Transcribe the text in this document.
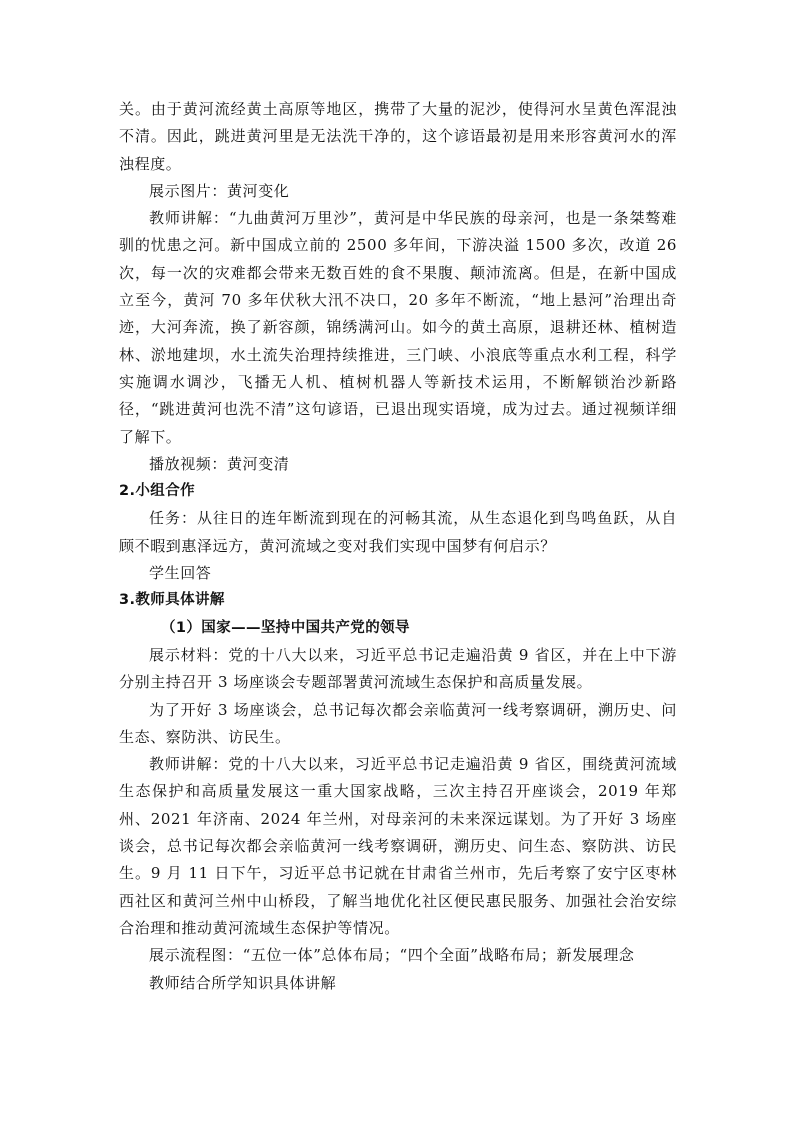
关。由于黄河流经黄土高原等地区，携带了大量的泥沙，使得河水呈黄色浑混浊不清。因此，跳进黄河里是无法洗干净的，这个谚语最初是用来形容黄河水的浑浊程度。

展示图片：黄河变化

教师讲解：“九曲黄河万里沙”，黄河是中华民族的母亲河，也是一条桀骜难驯的忧患之河。新中国成立前的 2500 多年间，下游决溢 1500 多次，改道 26 次，每一次的灾难都会带来无数百姓的食不果腹、颠沛流离。但是，在新中国成立至今，黄河 70 多年伏秋大汛不决口，20 多年不断流，“地上悬河”治理出奇迹，大河奔流，换了新容颜，锦绣满河山。如今的黄土高原，退耕还林、植树造林、淤地建坝，水土流失治理持续推进，三门峡、小浪底等重点水利工程，科学实施调水调沙，飞播无人机、植树机器人等新技术运用，不断解锁治沙新路径，“跳进黄河也洗不清”这句谚语，已退出现实语境，成为过去。通过视频详细了解下。

播放视频：黄河变清

2.小组合作

任务：从往日的连年断流到现在的河畅其流，从生态退化到鸟鸣鱼跃，从自顾不暇到惠泽远方，黄河流域之变对我们实现中国梦有何启示？

学生回答

3.教师具体讲解

（1）国家——坚持中国共产党的领导

展示材料：党的十八大以来，习近平总书记走遍沿黄 9 省区，并在上中下游分别主持召开 3 场座谈会专题部署黄河流域生态保护和高质量发展。

为了开好 3 场座谈会，总书记每次都会亲临黄河一线考察调研，溯历史、问生态、察防洪、访民生。

教师讲解：党的十八大以来，习近平总书记走遍沿黄 9 省区，围绕黄河流域生态保护和高质量发展这一重大国家战略，三次主持召开座谈会，2019 年郑州、2021 年济南、2024 年兰州，对母亲河的未来深远谋划。为了开好 3 场座谈会，总书记每次都会亲临黄河一线考察调研，溯历史、问生态、察防洪、访民生。9 月 11 日下午，习近平总书记就在甘肃省兰州市，先后考察了安宁区枣林西社区和黄河兰州中山桥段，了解当地优化社区便民惠民服务、加强社会治安综合治理和推动黄河流域生态保护等情况。

展示流程图：“五位一体”总体布局；“四个全面”战略布局；新发展理念

教师结合所学知识具体讲解
